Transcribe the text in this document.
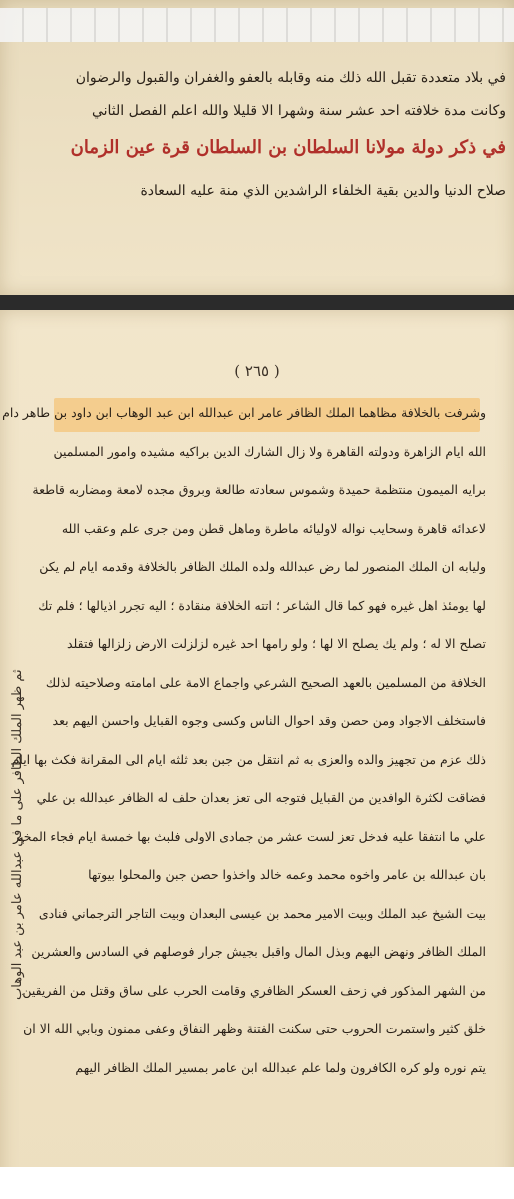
في بلاد متعددة تقبل الله ذلك منه وقابله بالعفو والغفران والقبول والرضوان
وكانت مدة خلافته احد عشر سنة وشهرا الا قليلا والله اعلم الفصل الثاني
في ذكر دولة مولانا السلطان بن السلطان قرة عين الزمان
صلاح الدنيا والدين بقية الخلفاء الراشدين الذي منة عليه السعادة
( ٢٦٥ )
وشرفت بالخلافة مظاهما الملك الظافر عامر ابن عبدالله ابن عبد الوهاب ابن داود بن طاهر دام
الله ايام الزاهرة ودولته القاهرة ولا زال الشارك الدين براكيه مشيده وامور المسلمين
برايه الميمون منتظمة حميدة وشموس سعادته طالعة وبروق مجده لامعة ومضاربه قاطعة
لاعدائه قاهرة وسحايب نواله لاوليائه ماطرة وماهل قطن ومن جرى علم وعقب الله
وليابه ان الملك المنصور لما رض عبدالله ولده الملك الظافر بالخلافة وقدمه ايام لم يكن
لها يومئذ اهل غيره فهو كما قال الشاعر ؛ اتته الخلافة منقادة ؛ اليه تجرر اذيالها ؛ فلم تك
تصلح الا له ؛ ولم يك يصلح الا لها ؛ ولو رامها احد غيره لزلزلت الارض زلزالها فتقلد
الخلافة من المسلمين بالعهد الصحيح الشرعي واجماع الامة على امامته وصلاحيته لذلك
فاستخلف الاجواد ومن حصن وقد احوال الناس وكسى وجوه القبايل واحسن اليهم بعد
ذلك عزم من تجهيز والده والعزى به ثم انتقل من جبن بعد ثلثه ايام الى المقرانة فكث بها ايام
فضاقت لكثرة الوافدين من القبايل فتوجه الى تعز بعدان حلف له الظافر عبدالله بن علي
علي ما انتفقا عليه فدخل تعز لست عشر من جمادى الاولى فلبث بها خمسة ايام فجاء المخبر
بان عبدالله بن عامر واخوه محمد وعمه خالد واخذوا حصن جبن والمحلوا بيوتها
بيت الشيخ عبد الملك وبيت الامير محمد بن عيسى البعدان وبيت التاجر الترجماني فنادى
الملك الظافر ونهض اليهم وبذل المال واقبل بجيش جرار فوصلهم في السادس والعشرين
من الشهر المذكور في زحف العسكر الظافري وقامت الحرب على ساق وقتل من الفريقين
خلق كثير واستمرت الحروب حتى سكنت الفتنة وظهر النفاق وعفى ممنون وبابي الله الا ان
يتم نوره ولو كره الكافرون ولما علم عبدالله ابن عامر بمسير الملك الظافر اليهم
ثم ظهر الملك الظافر على ما في عبدالله عامر بن عبد الوهاب
